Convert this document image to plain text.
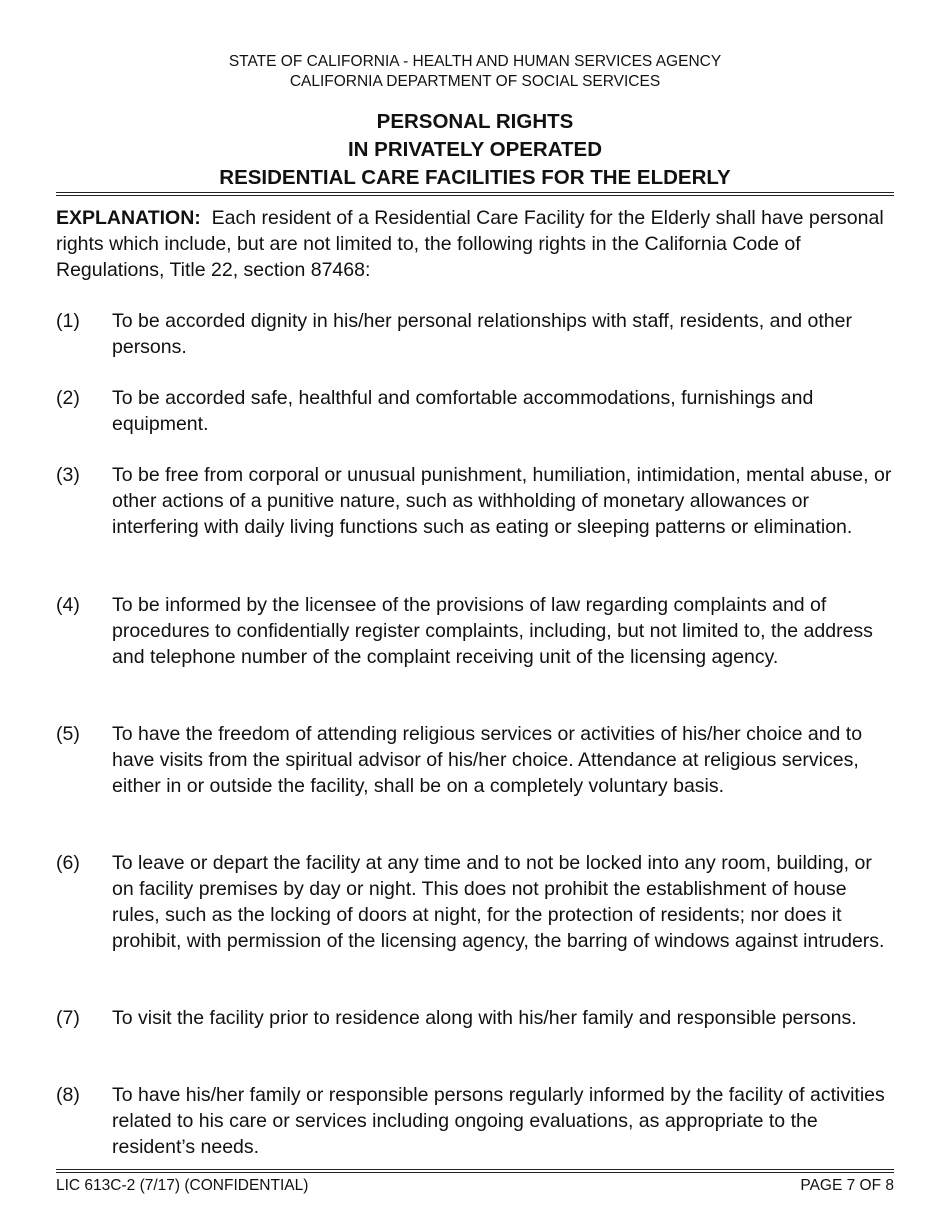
STATE OF CALIFORNIA - HEALTH AND HUMAN SERVICES AGENCY
CALIFORNIA DEPARTMENT OF SOCIAL SERVICES
PERSONAL RIGHTS
IN PRIVATELY OPERATED
RESIDENTIAL CARE FACILITIES FOR THE ELDERLY
EXPLANATION: Each resident of a Residential Care Facility for the Elderly shall have personal rights which include, but are not limited to, the following rights in the California Code of Regulations, Title 22, section 87468:
(1) To be accorded dignity in his/her personal relationships with staff, residents, and other persons.
(2) To be accorded safe, healthful and comfortable accommodations, furnishings and equipment.
(3) To be free from corporal or unusual punishment, humiliation, intimidation, mental abuse, or other actions of a punitive nature, such as withholding of monetary allowances or interfering with daily living functions such as eating or sleeping patterns or elimination.
(4) To be informed by the licensee of the provisions of law regarding complaints and of procedures to confidentially register complaints, including, but not limited to, the address and telephone number of the complaint receiving unit of the licensing agency.
(5) To have the freedom of attending religious services or activities of his/her choice and to have visits from the spiritual advisor of his/her choice. Attendance at religious services, either in or outside the facility, shall be on a completely voluntary basis.
(6) To leave or depart the facility at any time and to not be locked into any room, building, or on facility premises by day or night. This does not prohibit the establishment of house rules, such as the locking of doors at night, for the protection of residents; nor does it prohibit, with permission of the licensing agency, the barring of windows against intruders.
(7) To visit the facility prior to residence along with his/her family and responsible persons.
(8) To have his/her family or responsible persons regularly informed by the facility of activities related to his care or services including ongoing evaluations, as appropriate to the resident’s needs.
LIC 613C-2 (7/17) (CONFIDENTIAL)	PAGE 7 OF 8
